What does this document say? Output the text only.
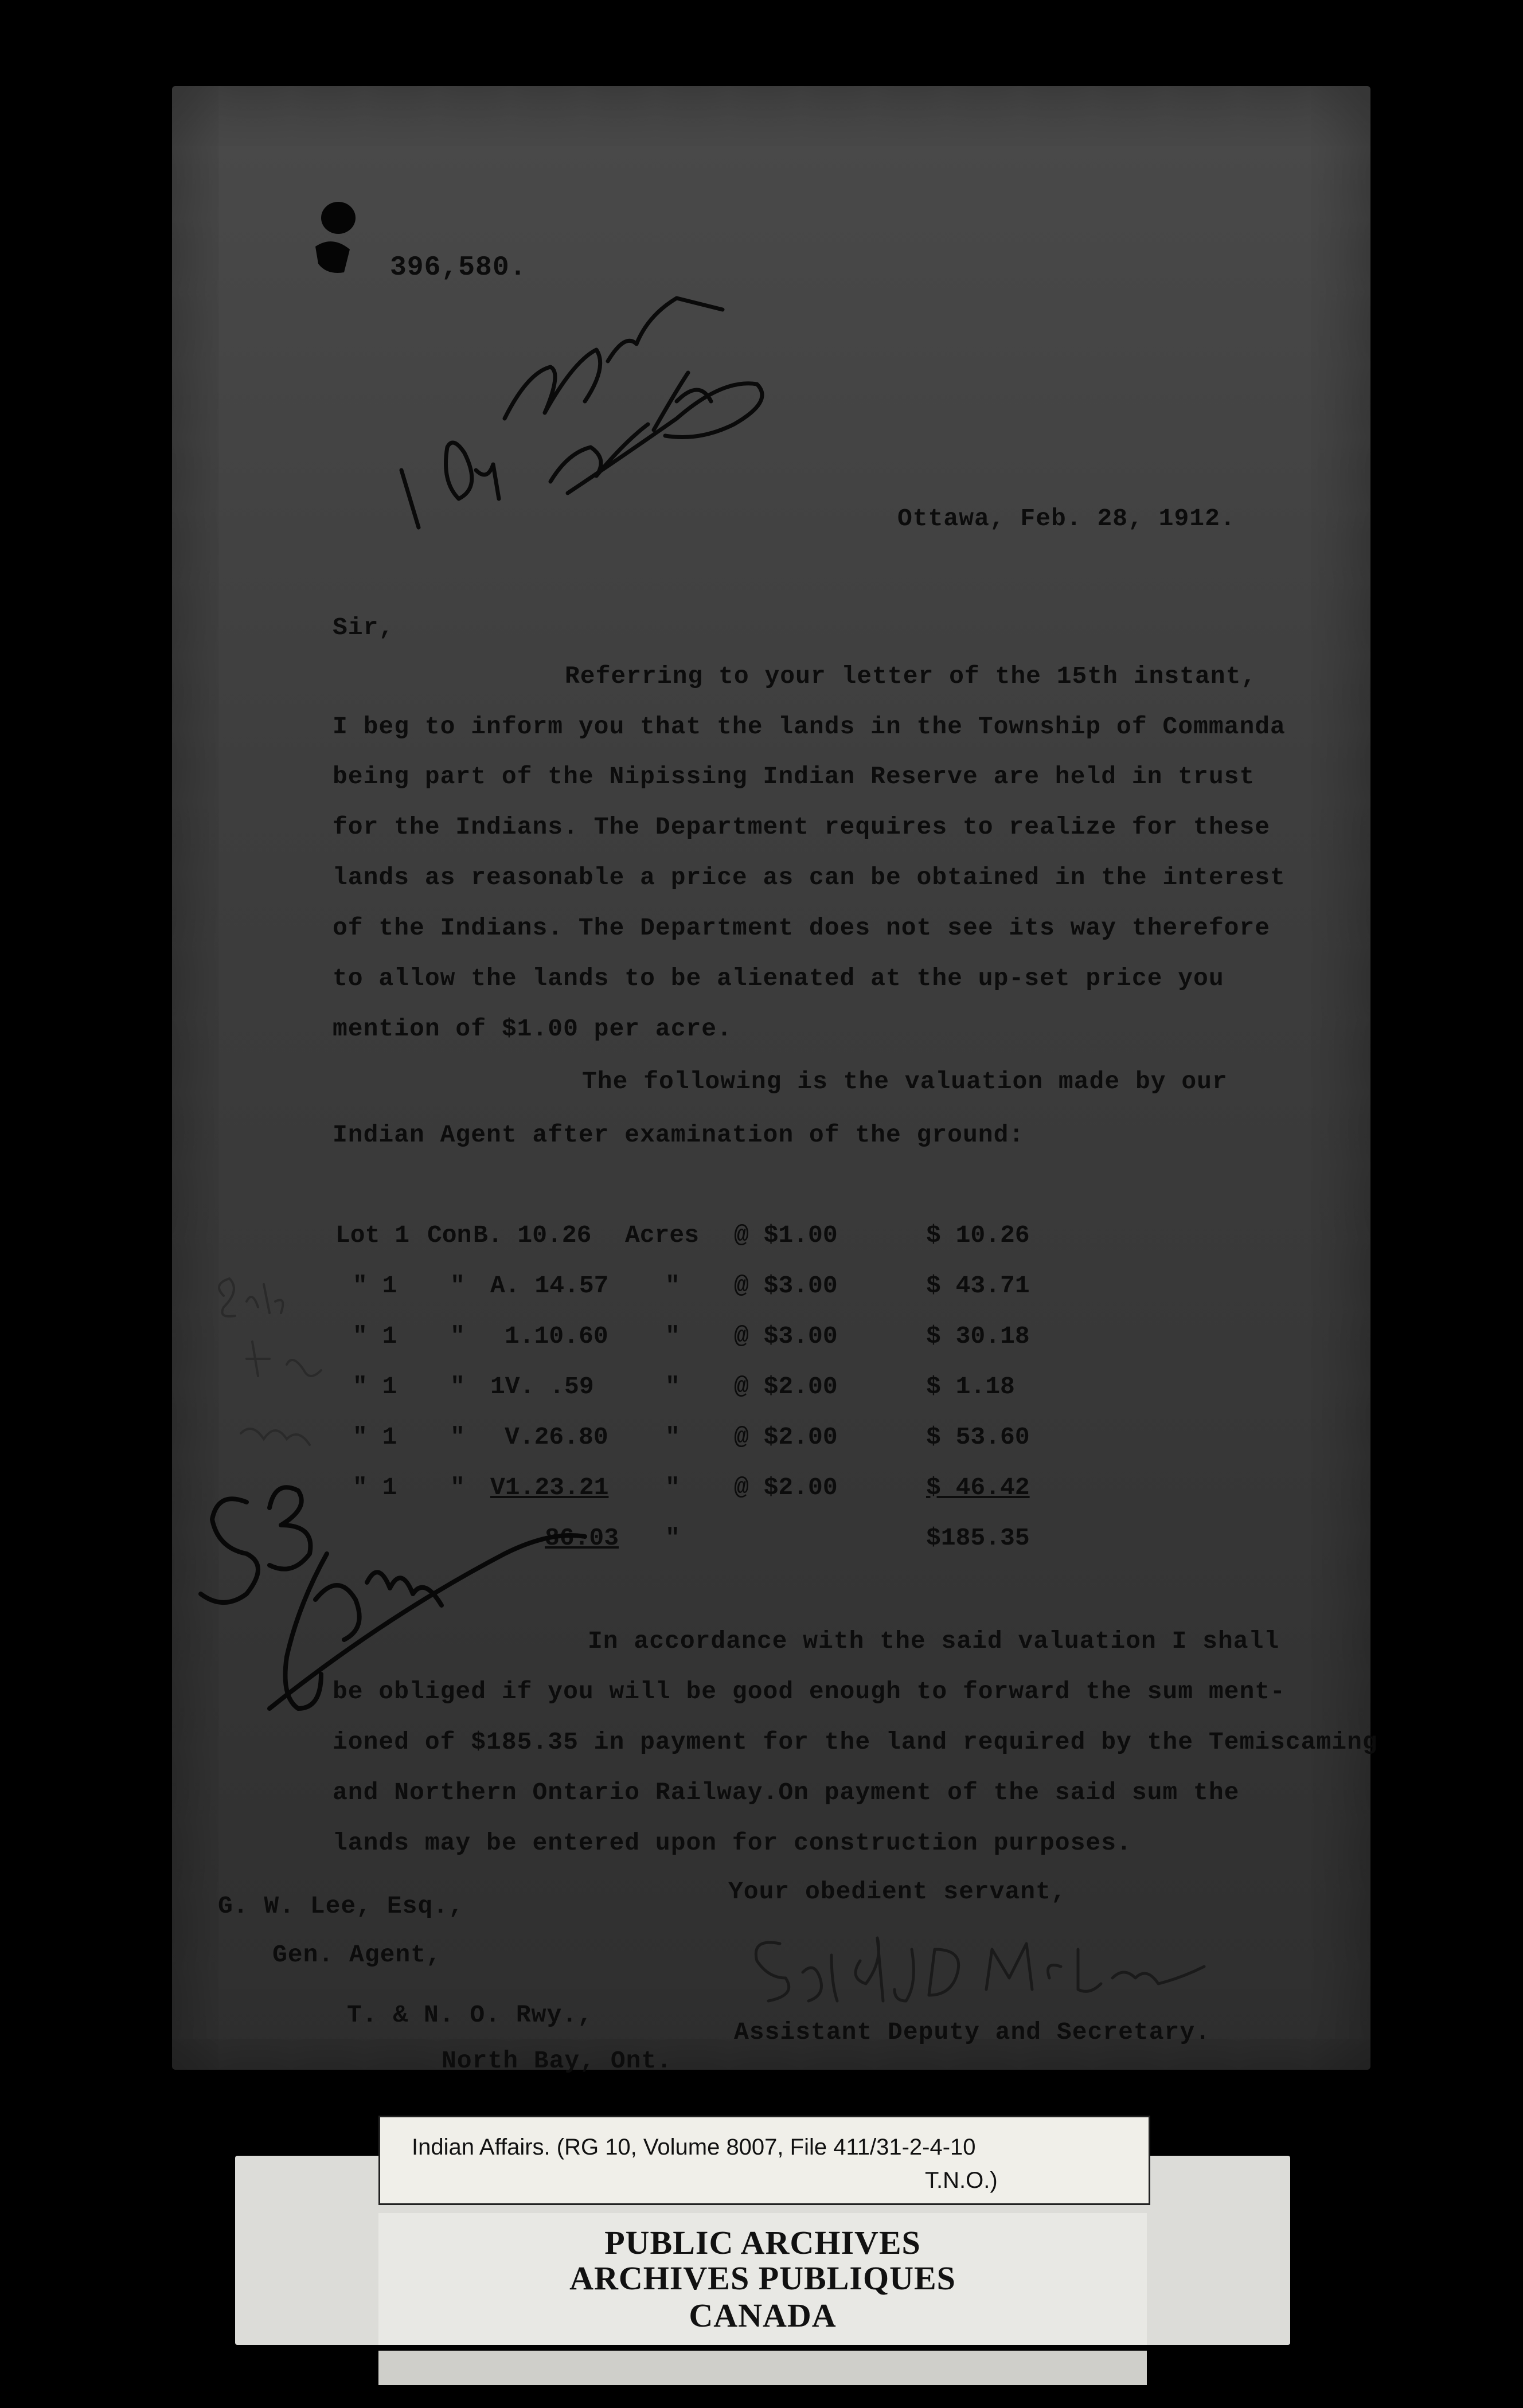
396,580.
Ottawa, Feb. 28, 1912.
Sir,
Referring to your letter of the 15th instant,
I beg to inform you that the lands in the Township of Commanda
being part of the Nipissing Indian Reserve are held in trust
for the Indians. The Department requires to realize for these
lands as reasonable a price as can be obtained in the interest
of the Indians. The Department does not see its way therefore
to allow the lands to be alienated at the up-set price you
mention of $1.00 per acre.
The following is the valuation made by our
Indian Agent after examination of the ground:
Lot 1 Con B. 10.26 Acres @ $1.00	$ 10.26
" 1 " A. 14.57 " @ $3.00	$ 43.71
" 1 " 1.10.60 " @ $3.00	$ 30.18
" 1 " 1V. .59	" @ $2.00	$ 1.18
" 1 " V.26.80 " @ $2.00	$ 53.60
" 1 " V1.23.21 " @ $2.00	$ 46.42
86.03 "	$185.35
In accordance with the said valuation I shall
be obliged if you will be good enough to forward the sum ment-
ioned of $185.35 in payment for the land required by the Temiscaming
and Northern Ontario Railway.On payment of the said sum the
lands may be entered upon for construction purposes.
Your obedient servant,
Assistant Deputy and Secretary.
G. W. Lee, Esq.,
Gen. Agent,
T. & N. O. Rwy.,
North Bay, Ont.
PUBLIC ARCHIVES
ARCHIVES PUBLIQUES
CANADA
Indian Affairs. (RG 10, Volume 8007, File 411/31-2-4-10
T.N.O.)
